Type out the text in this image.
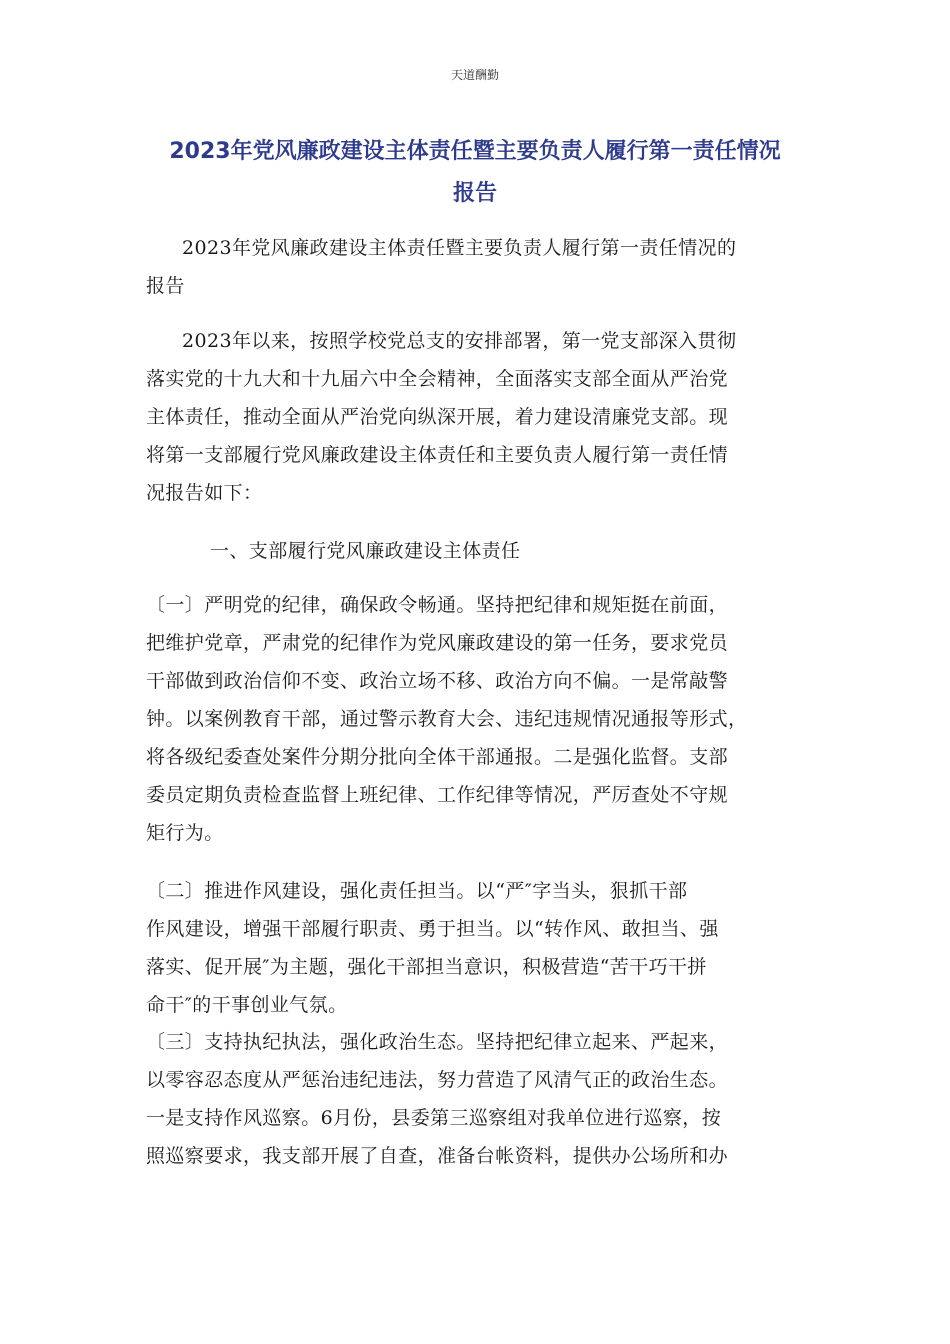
天道酬勤
2023年党风廉政建设主体责任暨主要负责人履行第一责任情况
报告
2023年党风廉政建设主体责任暨主要负责人履行第一责任情况的
报告
2023年以来，按照学校党总支的安排部署，第一党支部深入贯彻
落实党的十九大和十九届六中全会精神，全面落实支部全面从严治党
主体责任，推动全面从严治党向纵深开展，着力建设清廉党支部。现
将第一支部履行党风廉政建设主体责任和主要负责人履行第一责任情
况报告如下：
一、支部履行党风廉政建设主体责任
〔一〕严明党的纪律，确保政令畅通。坚持把纪律和规矩挺在前面，
把维护党章，严肃党的纪律作为党风廉政建设的第一任务，要求党员
干部做到政治信仰不变、政治立场不移、政治方向不偏。一是常敲警
钟。以案例教育干部，通过警示教育大会、违纪违规情况通报等形式，
将各级纪委查处案件分期分批向全体干部通报。二是强化监督。支部
委员定期负责检查监督上班纪律、工作纪律等情况，严厉查处不守规
矩行为。
〔二〕推进作风建设，强化责任担当。以“严″字当头，狠抓干部
作风建设，增强干部履行职责、勇于担当。以“转作风、敢担当、强
落实、促开展″为主题，强化干部担当意识，积极营造“苦干巧干拼
命干″的干事创业气氛。
〔三〕支持执纪执法，强化政治生态。坚持把纪律立起来、严起来，
以零容忍态度从严惩治违纪违法，努力营造了风清气正的政治生态。
一是支持作风巡察。6月份，县委第三巡察组对我单位进行巡察，按
照巡察要求，我支部开展了自查，准备台帐资料，提供办公场所和办
